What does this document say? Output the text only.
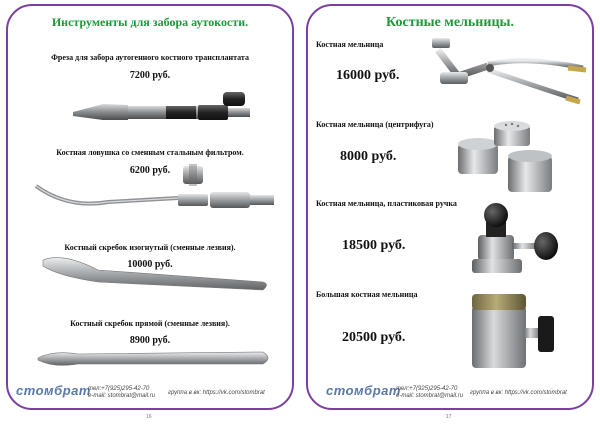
Инструменты для забора аутокости.
Фреза для забора аутогенного костного трансплантата
7200 руб.
Костная ловушка со сменным стальным фильтром.
6200 руб.
Костный скребок изогнутый (сменные лезвия).
10000 руб.
Костный скребок прямой (сменные лезвия).
8900 руб.
стомбрат
тел:+7(925)295-42-70
e-mail: stombrat@mail.ru группа в вк: https://vk.com/stombrat
16
Костные мельницы.
Костная мельница
16000 руб.
Костная мельница (центрифуга)
8000 руб.
Костная мельница, пластиковая ручка
18500 руб.
Большая костная мельница
20500 руб.
стомбрат
тел:+7(925)295-42-70
e-mail: stombrat@mail.ru группа в вк: https://vk.com/stombrat
17
